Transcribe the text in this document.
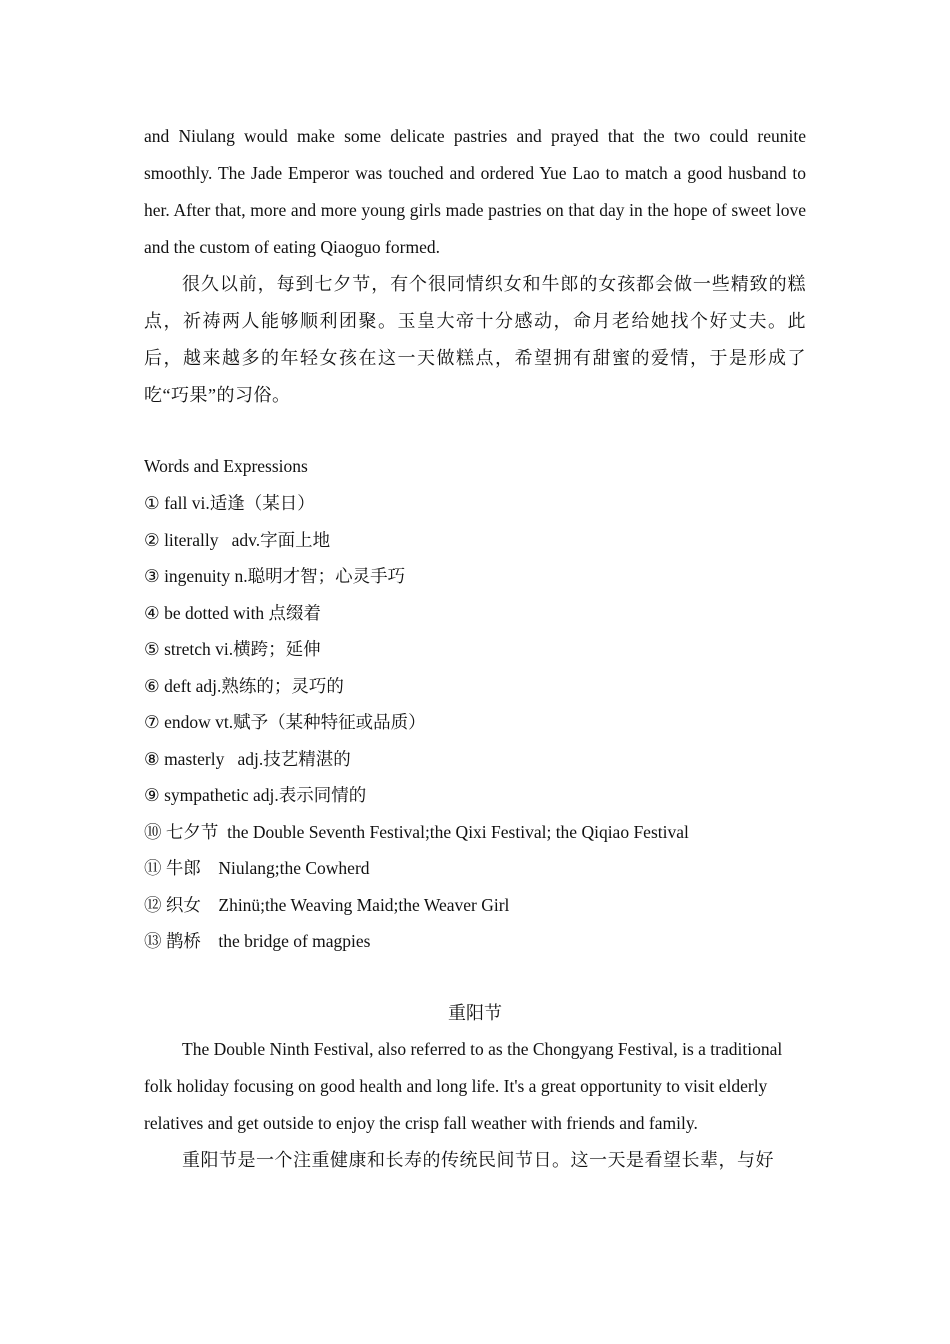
and Niulang would make some delicate pastries and prayed that the two could reunite smoothly. The Jade Emperor was touched and ordered Yue Lao to match a good husband to her. After that, more and more young girls made pastries on that day in the hope of sweet love and the custom of eating Qiaoguo formed.

很久以前，每到七夕节，有个很同情织女和牛郎的女孩都会做一些精致的糕点，祈祷两人能够顺利团聚。玉皇大帝十分感动，命月老给她找个好丈夫。此后，越来越多的年轻女孩在这一天做糕点，希望拥有甜蜜的爱情，于是形成了吃“巧果”的习俗。

Words and Expressions

① fall vi.适逢（某日）
② literally   adv.字面上地
③ ingenuity n.聪明才智；心灵手巧
④ be dotted with 点缀着
⑤ stretch vi.横跨；延伸
⑥ deft adj.熟练的；灵巧的
⑦ endow vt.赋予（某种特征或品质）
⑧ masterly   adj.技艺精湛的
⑨ sympathetic adj.表示同情的
⑩ 七夕节  the Double Seventh Festival;the Qixi Festival; the Qiqiao Festival
⑪ 牛郎    Niulang;the Cowherd
⑫ 织女    Zhinü;the Weaving Maid;the Weaver Girl
⑬ 鹊桥    the bridge of magpies

重阳节

The Double Ninth Festival, also referred to as the Chongyang Festival, is a traditional folk holiday focusing on good health and long life. It's a great opportunity to visit elderly relatives and get outside to enjoy the crisp fall weather with friends and family.

重阳节是一个注重健康和长寿的传统民间节日。这一天是看望长辈，与好
